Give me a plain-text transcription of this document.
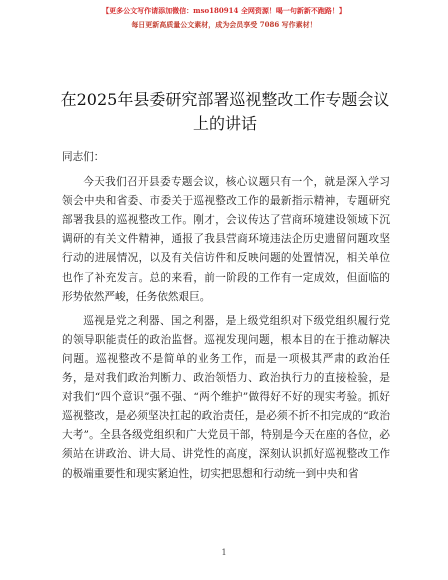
【更多公文写作请添加微信：mso180914 全网资源！喝一句新新不跑路！】
每日更新高质量公文素材，成为会员享受 7086 写作素材！
在2025年县委研究部署巡视整改工作专题会议
上的讲话

同志们：

今天我们召开县委专题会议，核心议题只有一个，就是深入学习领会中央和省委、市委关于巡视整改工作的最新指示精神，专题研究部署我县的巡视整改工作。刚才，会议传达了营商环境建设领域下沉调研的有关文件精神，通报了我县营商环境违法企历史遗留问题攻坚行动的进展情况，以及有关信访件和反映问题的处置情况，相关单位也作了补充发言。总的来看，前一阶段的工作有一定成效，但面临的形势依然严峻，任务依然艰巨。

巡视是党之利器、国之利器，是上级党组织对下级党组织履行党的领导职能责任的政治监督。巡视发现问题，根本目的在于推动解决问题。巡视整改不是简单的业务工作，而是一项极其严肃的政治任务，是对我们政治判断力、政治领悟力、政治执行力的直接检验，是对我们“四个意识”强不强、“两个维护”做得好不好的现实考验。抓好巡视整改，是必须坚决扛起的政治责任，是必须不折不扣完成的“政治大考”。全县各级党组织和广大党员干部，特别是今天在座的各位，必须站在讲政治、讲大局、讲党性的高度，深刻认识抓好巡视整改工作的极端重要性和现实紧迫性，切实把思想和行动统一到中央和省

1
